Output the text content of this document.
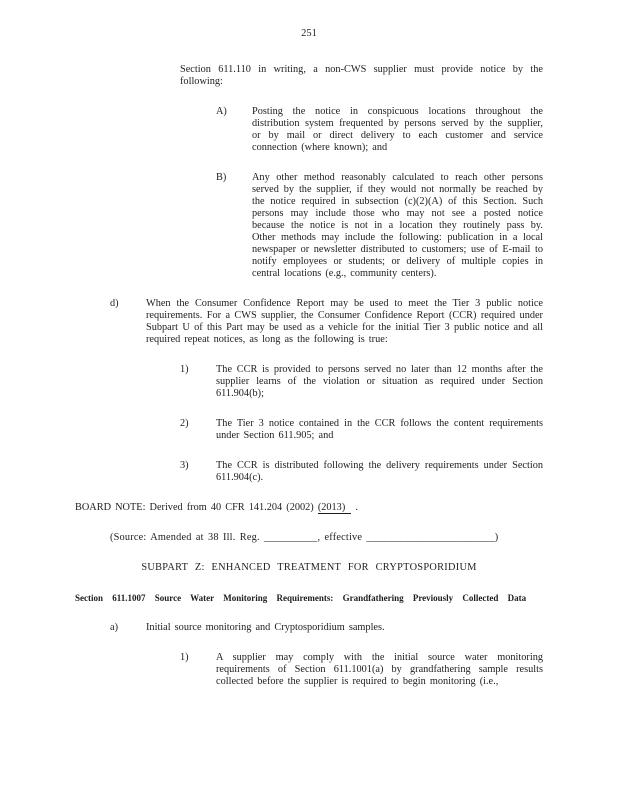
251

Section 611.110 in writing, a non-CWS supplier must provide notice by the following:

A)	Posting the notice in conspicuous locations throughout the distribution system frequented by persons served by the supplier, or by mail or direct delivery to each customer and service connection (where known); and
B)	Any other method reasonably calculated to reach other persons served by the supplier, if they would not normally be reached by the notice required in subsection (c)(2)(A) of this Section. Such persons may include those who may not see a posted notice because the notice is not in a location they routinely pass by. Other methods may include the following: publication in a local newspaper or newsletter distributed to customers; use of E-mail to notify employees or students; or delivery of multiple copies in central locations (e.g., community centers).
d)	When the Consumer Confidence Report may be used to meet the Tier 3 public notice requirements. For a CWS supplier, the Consumer Confidence Report (CCR) required under Subpart U of this Part may be used as a vehicle for the initial Tier 3 public notice and all required repeat notices, as long as the following is true:
1)	The CCR is provided to persons served no later than 12 months after the supplier learns of the violation or situation as required under Section 611.904(b);
2)	The Tier 3 notice contained in the CCR follows the content requirements under Section 611.905; and
3)	The CCR is distributed following the delivery requirements under Section 611.904(c).

BOARD NOTE: Derived from 40 CFR 141.204 (2002) (2013) .

(Source: Amended at 38 Ill. Reg. __________, effective ________________________)

SUBPART Z: ENHANCED TREATMENT FOR CRYPTOSPORIDIUM

Section 611.1007 Source Water Monitoring Requirements: Grandfathering Previously Collected Data

a)	Initial source monitoring and Cryptosporidium samples.
1)	A supplier may comply with the initial source water monitoring requirements of Section 611.1001(a) by grandfathering sample results collected before the supplier is required to begin monitoring (i.e.,
